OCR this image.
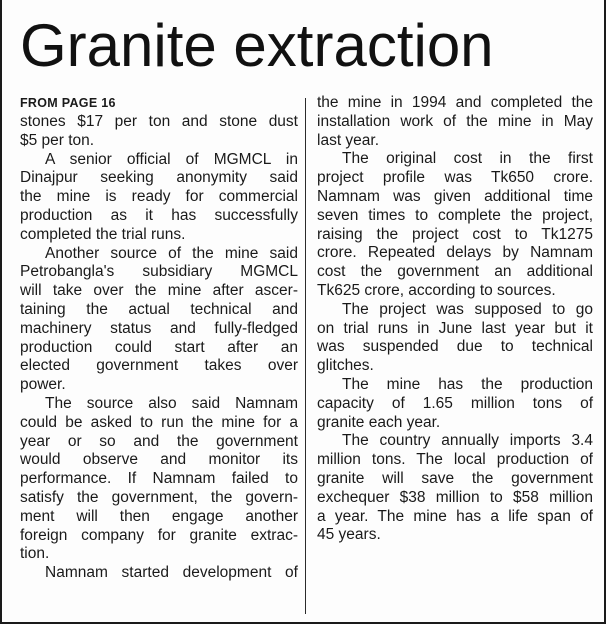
Granite extraction
FROM PAGE 16
stones $17 per ton and stone dust
$5 per ton.
A senior official of MGMCL in
Dinajpur seeking anonymity said
the mine is ready for commercial
production as it has successfully
completed the trial runs.
Another source of the mine said
Petrobangla's subsidiary MGMCL
will take over the mine after ascer-
taining the actual technical and
machinery status and fully-fledged
production could start after an
elected government takes over
power.
The source also said Namnam
could be asked to run the mine for a
year or so and the government
would observe and monitor its
performance. If Namnam failed to
satisfy the government, the govern-
ment will then engage another
foreign company for granite extrac-
tion.
Namnam started development of
the mine in 1994 and completed the
installation work of the mine in May
last year.
The original cost in the first
project profile was Tk650 crore.
Namnam was given additional time
seven times to complete the project,
raising the project cost to Tk1275
crore. Repeated delays by Namnam
cost the government an additional
Tk625 crore, according to sources.
The project was supposed to go
on trial runs in June last year but it
was suspended due to technical
glitches.
The mine has the production
capacity of 1.65 million tons of
granite each year.
The country annually imports 3.4
million tons. The local production of
granite will save the government
exchequer $38 million to $58 million
a year. The mine has a life span of
45 years.
